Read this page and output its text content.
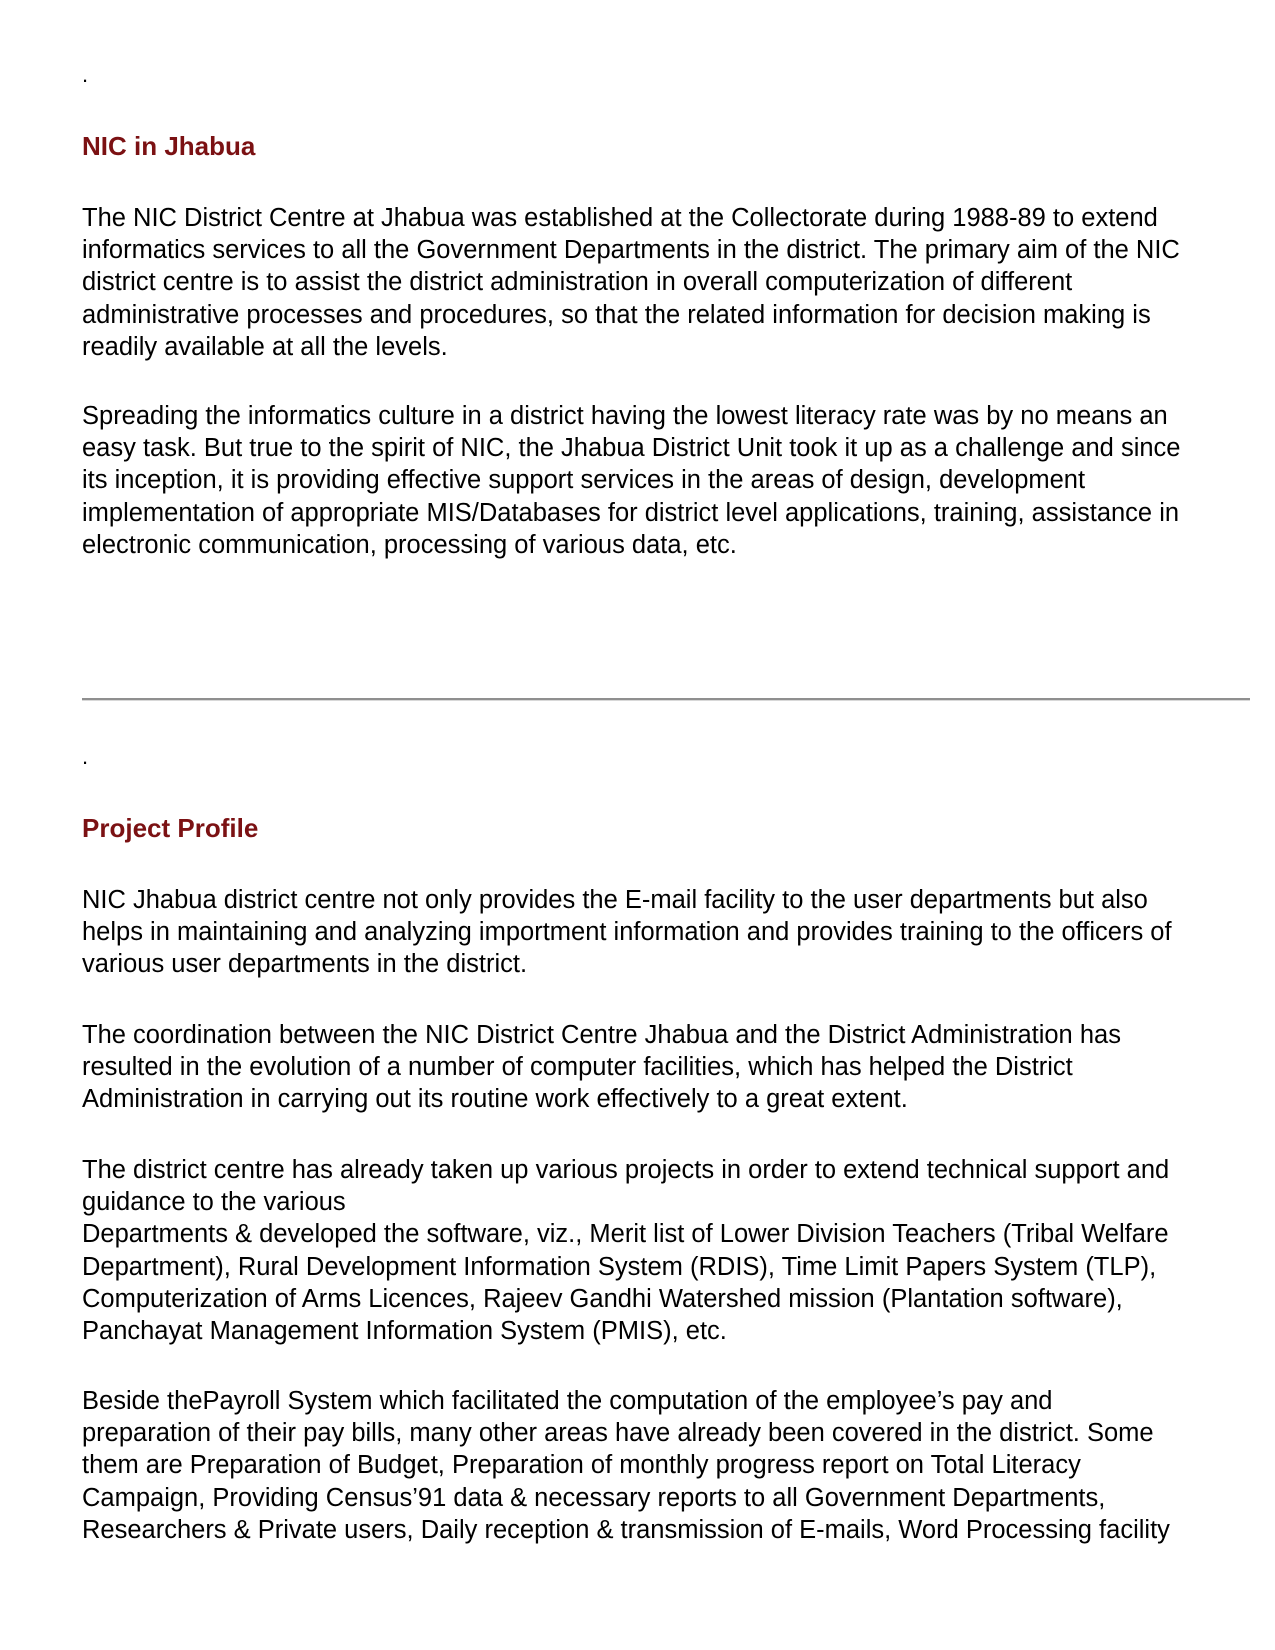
.

NIC in Jhabua

The NIC District Centre at Jhabua was established at the Collectorate during 1988-89 to extend
informatics services to all the Government Departments in the district. The primary aim of the NIC
district centre is to assist the district administration in overall computerization of different
administrative processes and procedures, so that the related information for decision making is
readily available at all the levels.

Spreading the informatics culture in a district having the lowest literacy rate was by no means an
easy task. But true to the spirit of NIC, the Jhabua District Unit took it up as a challenge and since
its inception, it is providing effective support services in the areas of design, development
implementation of appropriate MIS/Databases for district level applications, training, assistance in
electronic communication, processing of various data, etc.

.

Project Profile

NIC Jhabua district centre not only provides the E-mail facility to the user departments but also
helps in maintaining and analyzing importment information and provides training to the officers of
various user departments in the district.

The coordination between the NIC District Centre Jhabua and the District Administration has
resulted in the evolution of a number of computer facilities, which has helped the District
Administration in carrying out its routine work effectively to a great extent.

The district centre has already taken up various projects in order to extend technical support and
guidance to the various
Departments & developed the software, viz., Merit list of Lower Division Teachers (Tribal Welfare
Department), Rural Development Information System (RDIS), Time Limit Papers System (TLP),
Computerization of Arms Licences, Rajeev Gandhi Watershed mission (Plantation software),
Panchayat Management Information System (PMIS), etc.

Beside thePayroll System which facilitated the computation of the employee’s pay and
preparation of their pay bills, many other areas have already been covered in the district. Some
them are Preparation of Budget, Preparation of monthly progress report on Total Literacy
Campaign, Providing Census’91 data & necessary reports to all Government Departments,
Researchers & Private users, Daily reception & transmission of E-mails, Word Processing facility
